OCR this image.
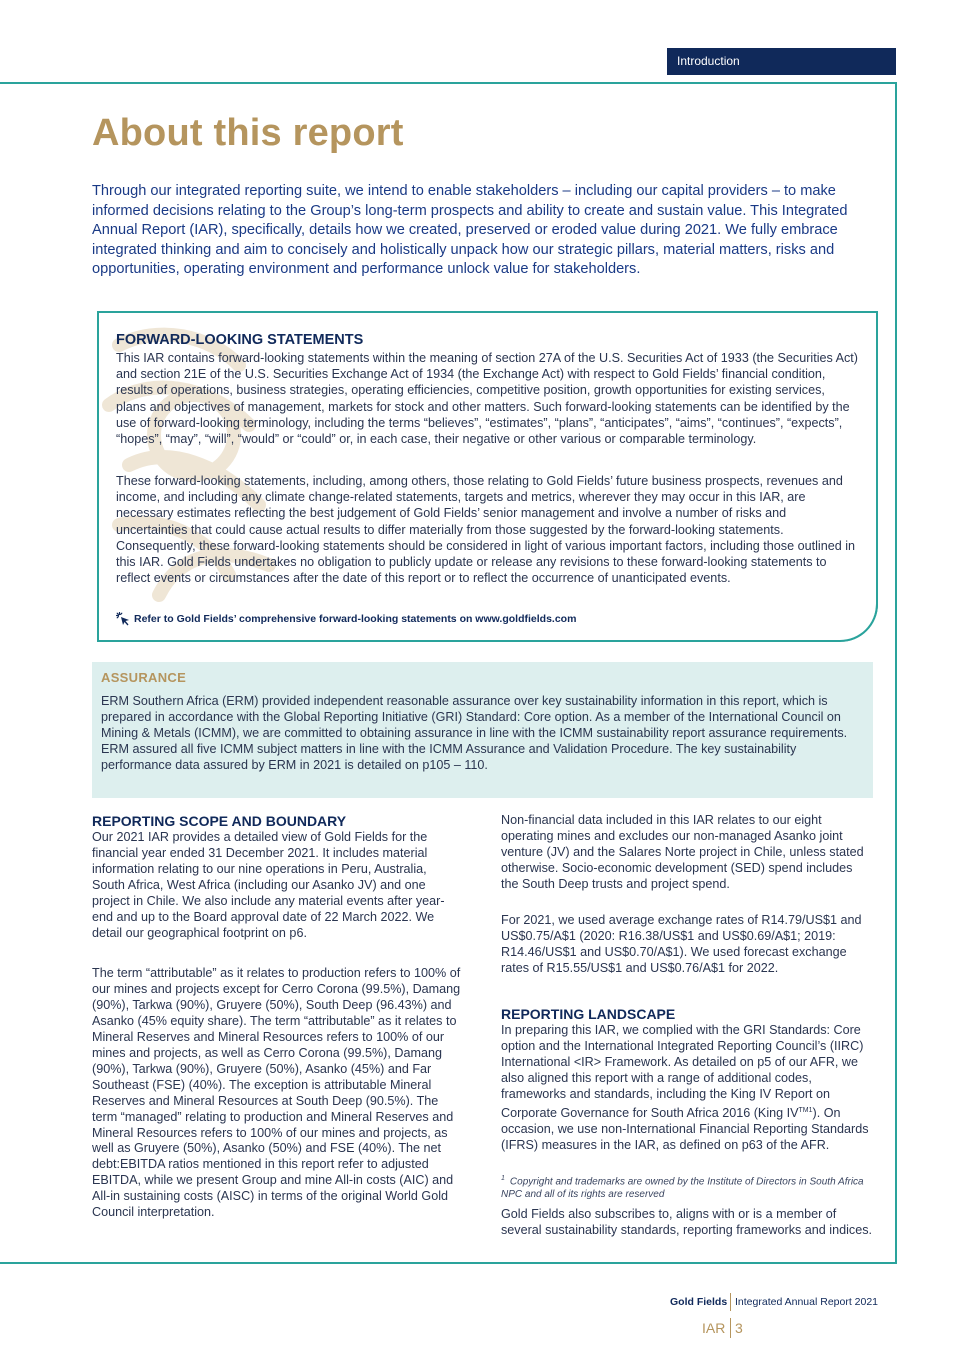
Introduction
About this report

Through our integrated reporting suite, we intend to enable stakeholders – including our capital providers – to make informed decisions relating to the Group’s long-term prospects and ability to create and sustain value. This Integrated Annual Report (IAR), specifically, details how we created, preserved or eroded value during 2021. We fully embrace integrated thinking and aim to concisely and holistically unpack how our strategic pillars, material matters, risks and opportunities, operating environment and performance unlock value for stakeholders.

FORWARD-LOOKING STATEMENTS

This IAR contains forward-looking statements within the meaning of section 27A of the U.S. Securities Act of 1933 (the Securities Act) and section 21E of the U.S. Securities Exchange Act of 1934 (the Exchange Act) with respect to Gold Fields’ financial condition, results of operations, business strategies, operating efficiencies, competitive position, growth opportunities for existing services, plans and objectives of management, markets for stock and other matters. Such forward-looking statements can be identified by the use of forward-looking terminology, including the terms “believes”, “estimates”, “plans”, “anticipates”, “aims”, “continues”, “expects”, “hopes”, “may”, “will”, “would” or “could” or, in each case, their negative or other various or comparable terminology.

These forward-looking statements, including, among others, those relating to Gold Fields’ future business prospects, revenues and income, and including any climate change-related statements, targets and metrics, wherever they may occur in this IAR, are necessary estimates reflecting the best judgement of Gold Fields’ senior management and involve a number of risks and uncertainties that could cause actual results to differ materially from those suggested by the forward-looking statements. Consequently, these forward-looking statements should be considered in light of various important factors, including those outlined in this IAR. Gold Fields undertakes no obligation to publicly update or release any revisions to these forward-looking statements to reflect events or circumstances after the date of this report or to reflect the occurrence of unanticipated events.

Refer to Gold Fields’ comprehensive forward-looking statements on www.goldfields.com
ASSURANCE

ERM Southern Africa (ERM) provided independent reasonable assurance over key sustainability information in this report, which is prepared in accordance with the Global Reporting Initiative (GRI) Standard: Core option. As a member of the International Council on Mining & Metals (ICMM), we are committed to obtaining assurance in line with the ICMM sustainability report assurance requirements. ERM assured all five ICMM subject matters in line with the ICMM Assurance and Validation Procedure. The key sustainability performance data assured by ERM in 2021 is detailed on p105 – 110.

REPORTING SCOPE AND BOUNDARY

Our 2021 IAR provides a detailed view of Gold Fields for the financial year ended 31 December 2021. It includes material information relating to our nine operations in Peru, Australia, South Africa, West Africa (including our Asanko JV) and one project in Chile. We also include any material events after year-end and up to the Board approval date of 22 March 2022. We detail our geographical footprint on p6.

The term “attributable” as it relates to production refers to 100% of our mines and projects except for Cerro Corona (99.5%), Damang (90%), Tarkwa (90%), Gruyere (50%), South Deep (96.43%) and Asanko (45% equity share). The term “attributable” as it relates to Mineral Reserves and Mineral Resources refers to 100% of our mines and projects, as well as Cerro Corona (99.5%), Damang (90%), Tarkwa (90%), Gruyere (50%), Asanko (45%) and Far Southeast (FSE) (40%). The exception is attributable Mineral Reserves and Mineral Resources at South Deep (90.5%). The term “managed” relating to production and Mineral Reserves and Mineral Resources refers to 100% of our mines and projects, as well as Gruyere (50%), Asanko (50%) and FSE (40%). The net debt:EBITDA ratios mentioned in this report refer to adjusted EBITDA, while we present Group and mine All-in costs (AIC) and All-in sustaining costs (AISC) in terms of the original World Gold Council interpretation.

Non-financial data included in this IAR relates to our eight operating mines and excludes our non-managed Asanko joint venture (JV) and the Salares Norte project in Chile, unless stated otherwise. Socio-economic development (SED) spend includes the South Deep trusts and project spend.

For 2021, we used average exchange rates of R14.79/US$1 and US$0.75/A$1 (2020: R16.38/US$1 and US$0.69/A$1; 2019: R14.46/US$1 and US$0.70/A$1). We used forecast exchange rates of R15.55/US$1 and US$0.76/A$1 for 2022.

REPORTING LANDSCAPE

In preparing this IAR, we complied with the GRI Standards: Core option and the International Integrated Reporting Council’s (IIRC) International <IR> Framework. As detailed on p5 of our AFR, we also aligned this report with a range of additional codes, frameworks and standards, including the King IV Report on Corporate Governance for South Africa 2016 (King $IV^{TM1}$). On occasion, we use non-International Financial Reporting Standards (IFRS) measures in the IAR, as defined on p63 of the AFR.

$^1$ Copyright and trademarks are owned by the Institute of Directors in South Africa NPC and all of its rights are reserved

Gold Fields also subscribes to, aligns with or is a member of several sustainability standards, reporting frameworks and indices.

Gold Fields Integrated Annual Report 2021
IAR 3
